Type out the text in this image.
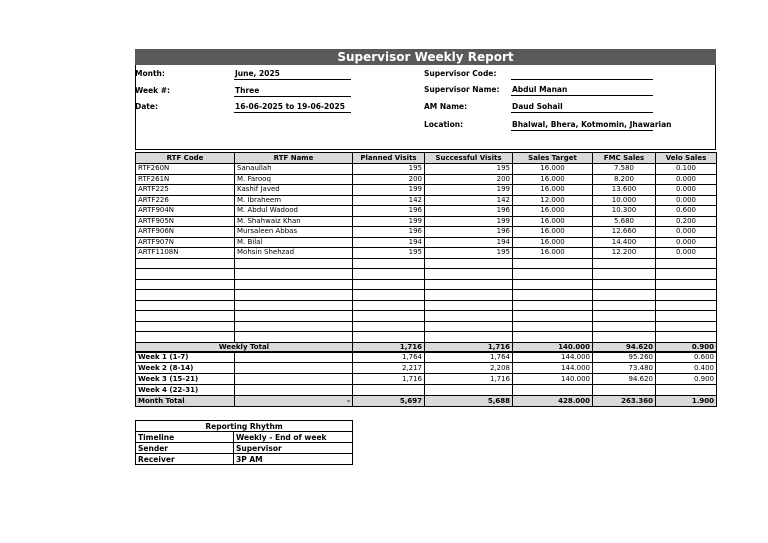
Supervisor Weekly Report
Month:	June, 2025
Week #:	Three
Date:	16-06-2025 to 19-06-2025
Supervisor Code:
Supervisor Name: Abdul Manan
AM Name:	Daud Sohail
Location:	Bhalwal, Bhera, Kotmomin, Jhawarian
RTF Code	RTF Name	Planned Visits	Successful Visits	Sales Target	FMC Sales	Velo Sales
RTF260N	Sanaullah	195	195	16.000	7.580	0.100
RTF261N	M. Farooq	200	200	16.000	8.200	0.000
ARTF225	Kashif Javed	199	199	16.000	13.600	0.000
ARTF226	M. Ibraheem	142	142	12.000	10.000	0.000
ARTF904N	M. Abdul Wadood	196	196	16.000	10.300	0.600
ARTF905N	M. Shahwaiz Khan	199	199	16.000	5.680	0.200
ARTF906N	Mursaleen Abbas	196	196	16.000	12.660	0.000
ARTF907N	M. Bilal	194	194	16.000	14.400	0.000
ARTF1108N	Mohsin Shehzad	195	195	16.000	12.200	0.000

Weekly Total		1,716	1,716	140.000	94.620	0.900
Week 1 (1-7)		1,764	1,764	144.000	95.260	0.600
Week 2 (8-14)		2,217	2,208	144.000	73.480	0.400
Week 3 (15-21)		1,716	1,716	140.000	94.620	0.900
Week 4 (22-31)						
Month Total	-	5,697	5,688	428.000	263.360	1.900
Reporting Rhythm	
Timeline	Weekly - End of week
Sender	Supervisor
Receiver	3P AM
